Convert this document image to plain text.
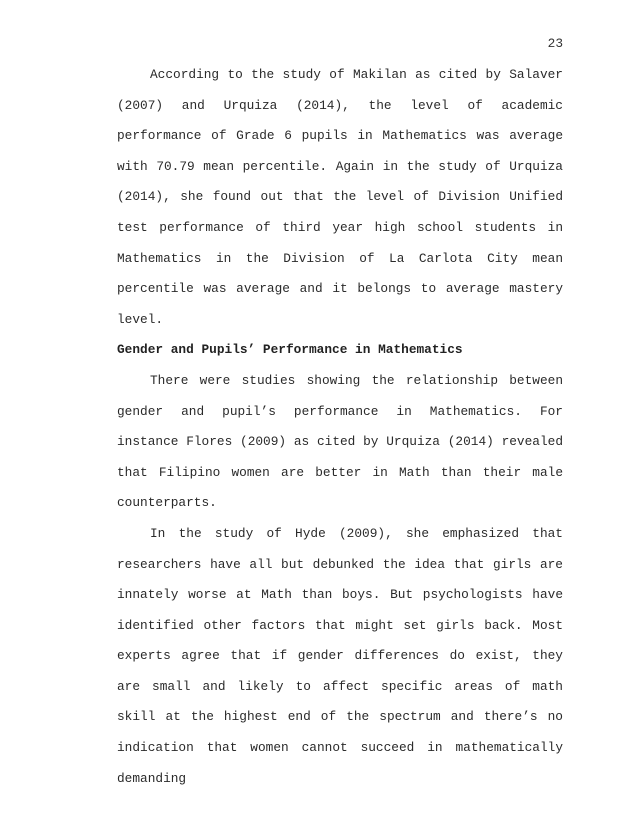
23

According to the study of Makilan as cited by Salaver (2007) and Urquiza (2014), the level of academic performance of Grade 6 pupils in Mathematics was average with 70.79 mean percentile. Again in the study of Urquiza (2014), she found out that the level of Division Unified test performance of third year high school students in Mathematics in the Division of La Carlota City mean percentile was average and it belongs to average mastery level.

Gender and Pupils’ Performance in Mathematics

There were studies showing the relationship between gender and pupil’s performance in Mathematics. For instance Flores (2009) as cited by Urquiza (2014) revealed that Filipino women are better in Math than their male counterparts.

In the study of Hyde (2009), she emphasized that researchers have all but debunked the idea that girls are innately worse at Math than boys. But psychologists have identified other factors that might set girls back. Most experts agree that if gender differences do exist, they are small and likely to affect specific areas of math skill at the highest end of the spectrum and there’s no indication that women cannot succeed in mathematically demanding
